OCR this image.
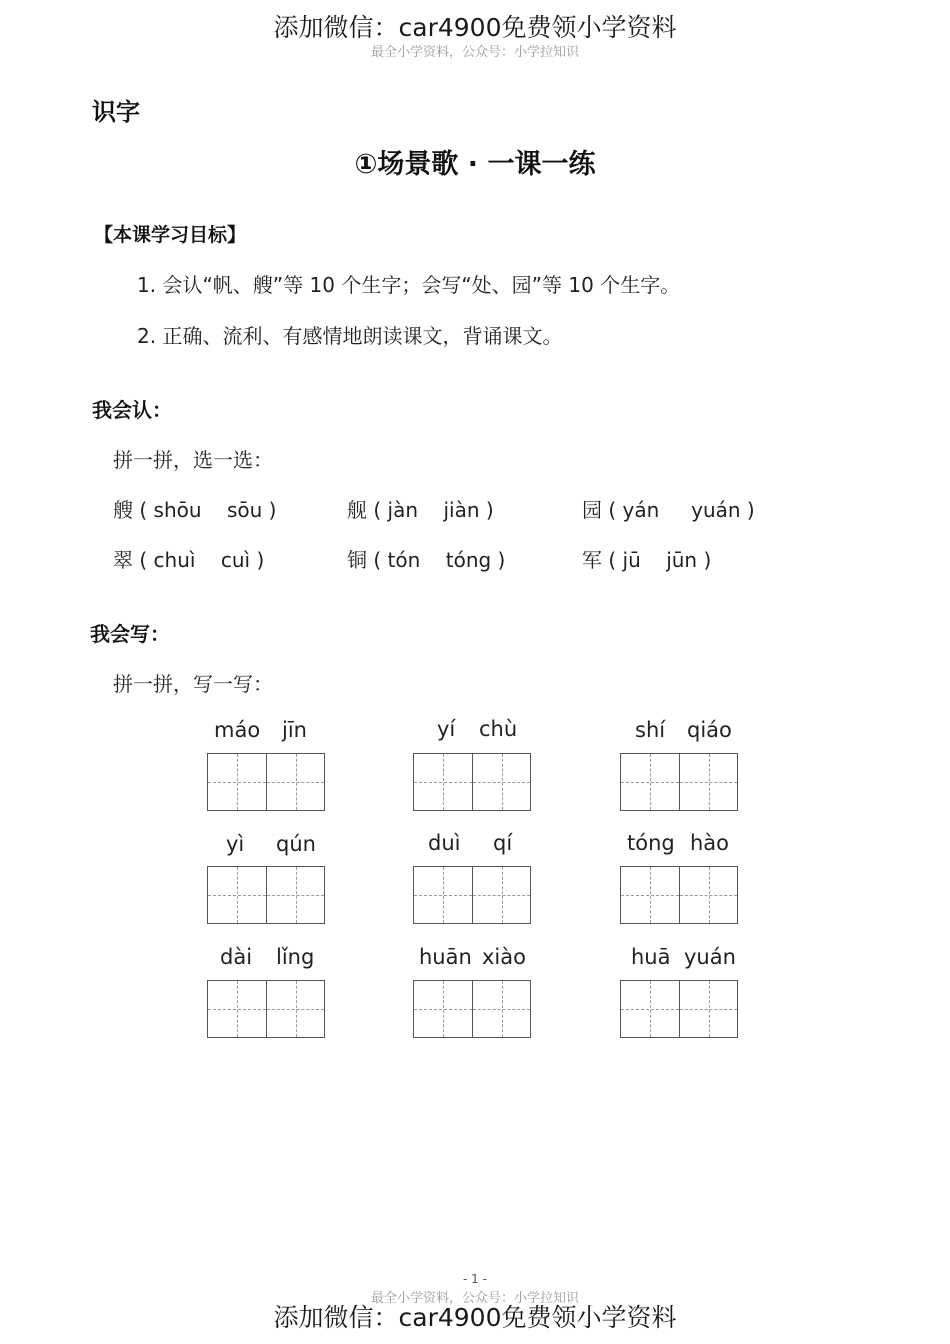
添加微信：car4900免费领小学资料
最全小学资料，公众号：小学拉知识
识字
①场景歌 · 一课一练
【本课学习目标】
1. 会认“帆、艘”等 10 个生字；会写“处、园”等 10 个生字。
2. 正确、流利、有感情地朗读课文，背诵课文。
我会认：
拼一拼，选一选：
艘 ( shōu sōu )	舰 ( jàn jiàn )	园 ( yán yuán )
翠 ( chuì cuì )	铜 ( tón tóng )	军 ( jū jūn )
我会写：
拼一拼，写一写：
máo jīn	yí chù	shí qiáo
yì qún	duì qí	tóng hào
dài lǐng	huān xiào	huā yuán
- 1 -
最全小学资料，公众号：小学拉知识
添加微信：car4900免费领小学资料
